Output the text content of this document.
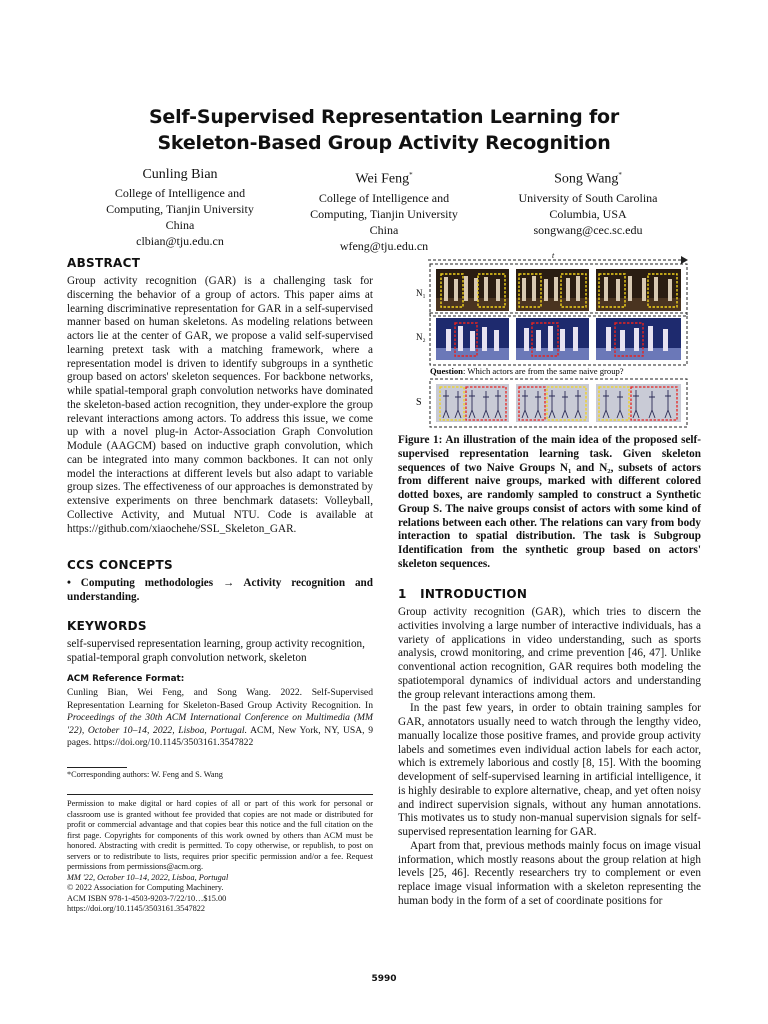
Self-Supervised Representation Learning for
Skeleton-Based Group Activity Recognition
Cunling Bian
College of Intelligence and
Computing, Tianjin University
China
clbian@tju.edu.cn
Wei Feng*
College of Intelligence and
Computing, Tianjin University
China
wfeng@tju.edu.cn
Song Wang*
University of South Carolina
Columbia, USA
songwang@cec.sc.edu
ABSTRACT

Group activity recognition (GAR) is a challenging task for discerning the behavior of a group of actors. This paper aims at learning discriminative representation for GAR in a self-supervised manner based on human skeletons. As modeling relations between actors lie at the center of GAR, we propose a valid self-supervised learning pretext task with a matching framework, where a representation model is driven to identify subgroups in a synthetic group based on actors' skeleton sequences. For backbone networks, while spatial-temporal graph convolution networks have dominated the skeleton-based action recognition, they under-explore the group relevant interactions among actors. To address this issue, we come up with a novel plug-in Actor-Association Graph Convolution Module (AAGCM) based on inductive graph convolution, which can be integrated into many common backbones. It can not only model the interactions at different levels but also adapt to variable group sizes. The effectiveness of our approaches is demonstrated by extensive experiments on three benchmark datasets: Volleyball, Collective Activity, and Mutual NTU. Code is available at https://github.com/xiaochehe/SSL_Skeleton_GAR.

CCS CONCEPTS

• Computing methodologies → Activity recognition and understanding.

KEYWORDS

self-supervised representation learning, group activity recognition, spatial-temporal graph convolution network, skeleton

ACM Reference Format:

Cunling Bian, Wei Feng, and Song Wang. 2022. Self-Supervised Representation Learning for Skeleton-Based Group Activity Recognition. In Proceedings of the 30th ACM International Conference on Multimedia (MM '22), October 10–14, 2022, Lisboa, Portugal. ACM, New York, NY, USA, 9 pages. https://doi.org/10.1145/3503161.3547822

*Corresponding authors: W. Feng and S. Wang

Permission to make digital or hard copies of all or part of this work for personal or classroom use is granted without fee provided that copies are not made or distributed for profit or commercial advantage and that copies bear this notice and the full citation on the first page. Copyrights for components of this work owned by others than ACM must be honored. Abstracting with credit is permitted. To copy otherwise, or republish, to post on servers or to redistribute to lists, requires prior specific permission and/or a fee. Request permissions from permissions@acm.org.

MM '22, October 10–14, 2022, Lisboa, Portugal

© 2022 Association for Computing Machinery.

ACM ISBN 978-1-4503-9203-7/22/10…$15.00

https://doi.org/10.1145/3503161.3547822

t
N₁
N₂
Question: Which actors are from the same naive group?
S

Figure 1: An illustration of the main idea of the proposed self-supervised representation learning task. Given skeleton sequences of two Naive Groups N₁ and N₂, subsets of actors from different naive groups, marked with different colored dotted boxes, are randomly sampled to construct a Synthetic Group S. The naive groups consist of actors with some kind of relations between each other. The relations can vary from body interaction to spatial distribution. The task is Subgroup Identification from the synthetic group based on actors' skeleton sequences.

1 INTRODUCTION

Group activity recognition (GAR), which tries to discern the activities involving a large number of interactive individuals, has a variety of applications in video understanding, such as sports analysis, crowd monitoring, and crime prevention [46, 47]. Unlike conventional action recognition, GAR requires both modeling the spatiotemporal dynamics of individual actors and understanding the group relevant interactions among them.

In the past few years, in order to obtain training samples for GAR, annotators usually need to watch through the lengthy video, manually localize those positive frames, and provide group activity labels and sometimes even individual action labels for each actor, which is extremely laborious and costly [8, 15]. With the booming development of self-supervised learning in artificial intelligence, it is highly desirable to explore alternative, cheap, and yet often noisy and indirect supervision signals, without any human annotations. This motivates us to study non-manual supervision signals for self-supervised representation learning for GAR.

Apart from that, previous methods mainly focus on image visual information, which mostly reasons about the group relation at high levels [25, 46]. Recently researchers try to complement or even replace image visual information with a skeleton representing the human body in the form of a set of coordinate positions for

5990
